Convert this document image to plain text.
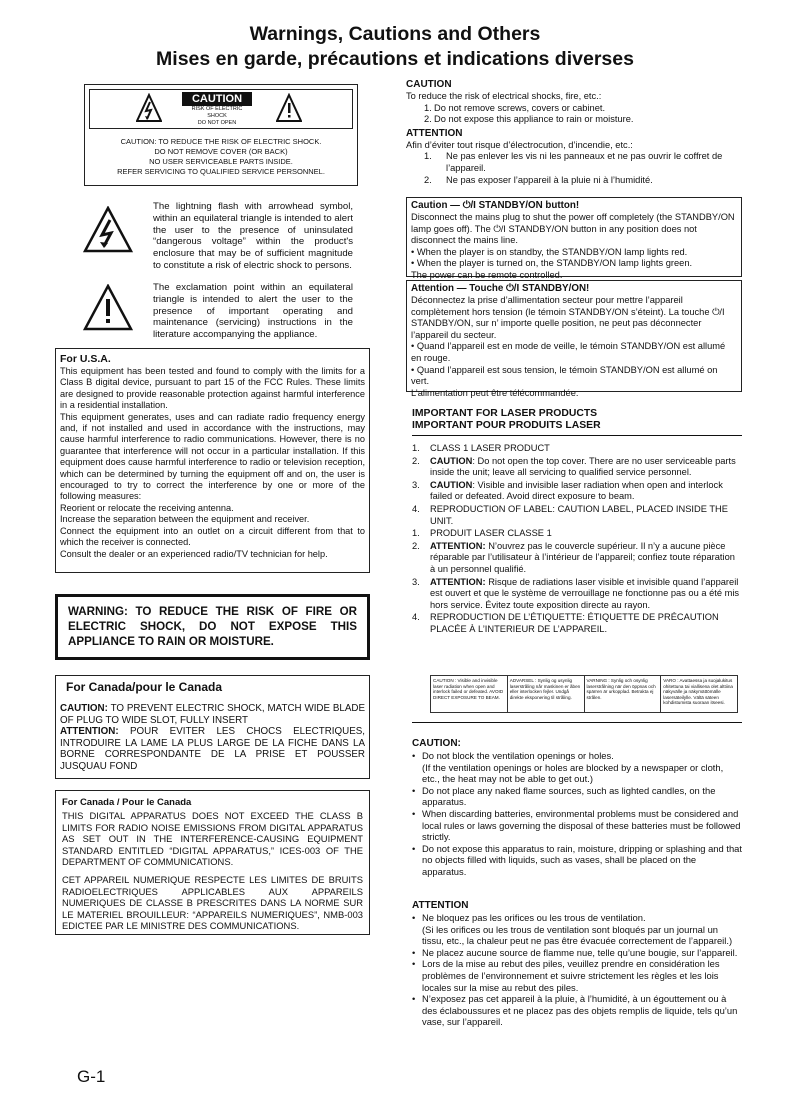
Warnings, Cautions and Others
Mises en garde, précautions et indications diverses
CAUTION
RISK OF ELECTRIC SHOCK
DO NOT OPEN
CAUTION: TO REDUCE THE RISK OF ELECTRIC SHOCK.
DO NOT REMOVE COVER (OR BACK)
NO USER SERVICEABLE PARTS INSIDE.
REFER SERVICING TO QUALIFIED SERVICE PERSONNEL.
The lightning flash with arrowhead symbol, within an equilateral triangle is intended to alert the user to the presence of uninsulated “dangerous voltage” within the product's enclosure that may be of sufficient magnitude to constitute a risk of electric shock to persons.
The exclamation point within an equilateral triangle is intended to alert the user to the presence of important operating and maintenance (servicing) instructions in the literature accompanying the appliance.
For U.S.A.
This equipment has been tested and found to comply with the limits for a Class B digital device, pursuant to part 15 of the FCC Rules. These limits are designed to provide reasonable protection against harmful interference in a residential installation.
This equipment generates, uses and can radiate radio frequency energy and, if not installed and used in accordance with the instructions, may cause harmful interference to radio communications. However, there is no guarantee that interference will not occur in a particular installation. If this equipment does cause harmful interference to radio or television reception, which can be determined by turning the equipment off and on, the user is encouraged to try to correct the interference by one or more of the following measures:
Reorient or relocate the receiving antenna.
Increase the separation between the equipment and receiver.
Connect the equipment into an outlet on a circuit different from that to which the receiver is connected.
Consult the dealer or an experienced radio/TV technician for help.
WARNING: TO REDUCE THE RISK OF FIRE OR ELECTRIC SHOCK, DO NOT EXPOSE THIS APPLIANCE TO RAIN OR MOISTURE.
For Canada/pour le Canada
CAUTION: TO PREVENT ELECTRIC SHOCK, MATCH WIDE BLADE OF PLUG TO WIDE SLOT, FULLY INSERT
ATTENTION: POUR EVITER LES CHOCS ELECTRIQUES, INTRODUIRE LA LAME LA PLUS LARGE DE LA FICHE DANS LA BORNE CORRESPONDANTE DE LA PRISE ET POUSSER JUSQUAU FOND
For Canada / Pour le Canada
THIS DIGITAL APPARATUS DOES NOT EXCEED THE CLASS B LIMITS FOR RADIO NOISE EMISSIONS FROM DIGITAL APPARATUS AS SET OUT IN THE INTERFERENCE-CAUSING EQUIPMENT STANDARD ENTITLED “DIGITAL APPARATUS,” ICES-003 OF THE DEPARTMENT OF COMMUNICATIONS.
CET APPAREIL NUMERIQUE RESPECTE LES LIMITES DE BRUITS RADIOELECTRIQUES APPLICABLES AUX APPAREILS NUMERIQUES DE CLASSE B PRESCRITES DANS LA NORME SUR LE MATERIEL BROUILLEUR: “APPAREILS NUMERIQUES”, NMB-003 EDICTEE PAR LE MINISTRE DES COMMUNICATIONS.
G-1
CAUTION
To reduce the risk of electrical shocks, fire, etc.:
1. Do not remove screws, covers or cabinet.
2. Do not expose this appliance to rain or moisture.
ATTENTION
Afin d’éviter tout risque d’électrocution, d’incendie, etc.:
1. Ne pas enlever les vis ni les panneaux et ne pas ouvrir le coffret de l’appareil.
2. Ne pas exposer l’appareil à la pluie ni à l’humidité.
Caution — ⏻/I STANDBY/ON button!
Disconnect the mains plug to shut the power off completely (the STANDBY/ON lamp goes off). The ⏻/I STANDBY/ON button in any position does not disconnect the mains line.
• When the player is on standby, the STANDBY/ON lamp lights red.
• When the player is turned on, the STANDBY/ON lamp lights green.
The power can be remote controlled.
Attention — Touche ⏻/I STANDBY/ON!
Déconnectez la prise d’allimentation secteur pour mettre l’appareil complètement hors tension (le témoin STANDBY/ON s’éteint). La touche ⏻/I STANDBY/ON, sur n’ importe quelle position, ne peut pas déconnecter l’appareil du secteur.
• Quand l’appareil est en mode de veille, le témoin STANDBY/ON est allumé en rouge.
• Quand l’appareil est sous tension, le témoin STANDBY/ON est allumé on vert.
L’alimentation peut être télécommandée.
IMPORTANT FOR LASER PRODUCTS
IMPORTANT POUR PRODUITS LASER
1. CLASS 1 LASER PRODUCT
2. CAUTION: Do not open the top cover. There are no user serviceable parts inside the unit; leave all servicing to qualified service personnel.
3. CAUTION: Visible and invisible laser radiation when open and interlock failed or defeated. Avoid direct exposure to beam.
4. REPRODUCTION OF LABEL: CAUTION LABEL, PLACED INSIDE THE UNIT.
1. PRODUIT LASER CLASSE 1
2. ATTENTION: N’ouvrez pas le couvercle supérieur. Il n’y a aucune pièce réparable par l’utilisateur à l’intérieur de l’appareil; confiez toute réparation à un personnel qualifié.
3. ATTENTION: Risque de radiations laser visible et invisible quand l’appareil est ouvert et que le système de verrouillage ne fonctionne pas ou a été mis hors service. Évitez toute exposition directe au rayon.
4. REPRODUCTION DE L’ÉTIQUETTE: ÉTIQUETTE DE PRÉCAUTION PLACÉE À L’INTERIEUR DE L’APPAREIL.
CAUTION : Visible and invisible laser radiation when open and interlock failed or defeated. AVOID DIRECT EXPOSURE TO BEAM.
ADVARSEL : Synlig og usynlig laserstråling når maskinen er åben eller interlocken fejler. Undgå direkte eksponering til stråling.
VARNING : Synlig och osynlig laserstrålning när den öppnas och spärren är urkopplad. Betrakta ej strålen.
VARO : Avattaessa ja suojalukitus ohitettuna tai viallisena olet alttiina näkyvälle ja näkymättömälle lasersäteilylle. Vältä säteen kohdistumista suoraan itseesi.
CAUTION:
• Do not block the ventilation openings or holes.
(If the ventilation openings or holes are blocked by a newspaper or cloth, etc., the heat may not be able to get out.)
• Do not place any naked flame sources, such as lighted candles, on the apparatus.
• When discarding batteries, environmental problems must be considered and local rules or laws governing the disposal of these batteries must be followed strictly.
• Do not expose this apparatus to rain, moisture, dripping or splashing and that no objects filled with liquids, such as vases, shall be placed on the apparatus.
ATTENTION
• Ne bloquez pas les orifices ou les trous de ventilation.
(Si les orifices ou les trous de ventilation sont bloqués par un journal un tissu, etc., la chaleur peut ne pas être évacuée correctement de l’appareil.)
• Ne placez aucune source de flamme nue, telle qu’une bougie, sur l’appareil.
• Lors de la mise au rebut des piles, veuillez prendre en considération les problèmes de l’environnement et suivre strictement les règles et les lois locales sur la mise au rebut des piles.
• N’exposez pas cet appareil à la pluie, à l’humidité, à un égouttement ou à des éclaboussures et ne placez pas des objets remplis de liquide, tels qu’un vase, sur l’appareil.
